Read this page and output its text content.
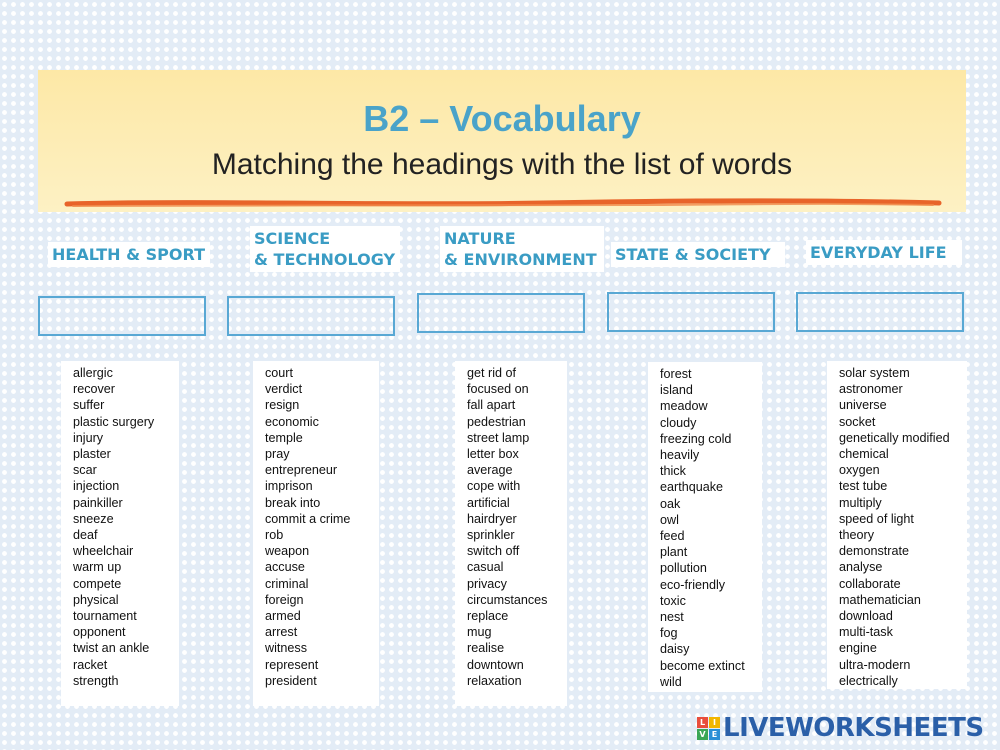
B2 – Vocabulary
Matching the headings with the list of words
HEALTH & SPORT
SCIENCE
& TECHNOLOGY
NATURE
& ENVIRONMENT STATE & SOCIETY	EVERYDAY LIFE
allergic
recover
suffer
plastic surgery
injury
plaster
scar
injection
painkiller
sneeze
deaf
wheelchair
warm up
compete
physical
tournament
opponent
twist an ankle
racket
strength
court
verdict
resign
economic
temple
pray
entrepreneur
imprison
break into
commit a crime
rob
weapon
accuse
criminal
foreign
armed
arrest
witness
represent
president
get rid of
focused on
fall apart
pedestrian
street lamp
letter box
average
cope with
artificial
hairdryer
sprinkler
switch off
casual
privacy
circumstances
replace
mug
realise
downtown
relaxation
forest
island
meadow
cloudy
freezing cold
heavily
thick
earthquake
oak
owl
feed
plant
pollution
eco-friendly
toxic
nest
fog
daisy
become extinct
wild
solar system
astronomer
universe
socket
genetically modified
chemical
oxygen
test tube
multiply
speed of light
theory
demonstrate
analyse
collaborate
mathematician
download
multi-task
engine
ultra-modern
electrically
L I
V E LIVEWORKSHEETS
